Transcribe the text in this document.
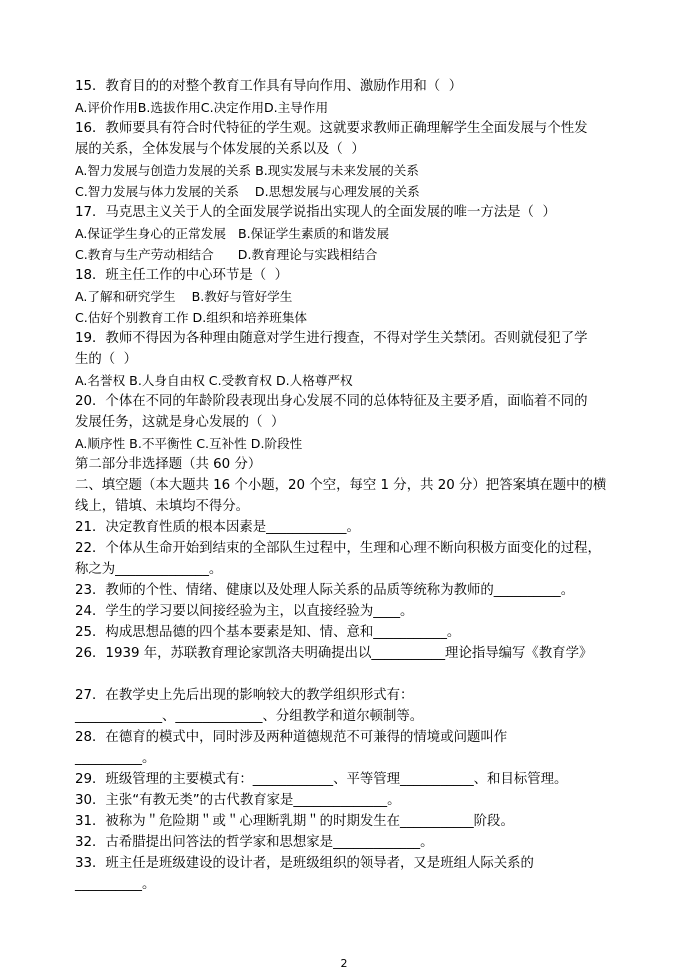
15．教育目的的对整个教育工作具有导向作用、激励作用和（  ）
A.评价作用B.选拔作用C.决定作用D.主导作用
16．教师要具有符合时代特征的学生观。这就要求教师正确理解学生全面发展与个性发
展的关系，全体发展与个体发展的关系以及（  ）
A.智力发展与创造力发展的关系 B.现实发展与未来发展的关系
C.智力发展与体力发展的关系    D.思想发展与心理发展的关系
17．马克思主义关于人的全面发展学说指出实现人的全面发展的唯一方法是（  ）
A.保证学生身心的正常发展   B.保证学生素质的和谐发展
C.教育与生产劳动相结合      D.教育理论与实践相结合
18．班主任工作的中心环节是（  ）
A.了解和研究学生    B.教好与管好学生
C.估好个别教育工作 D.组织和培养班集体
19．教师不得因为各种理由随意对学生进行搜查，不得对学生关禁闭。否则就侵犯了学
生的（  ）
A.名誉权 B.人身自由权 C.受教育权 D.人格尊严权
20．个体在不同的年龄阶段表现出身心发展不同的总体特征及主要矛盾，面临着不同的
发展任务，这就是身心发展的（  ）
A.顺序性 B.不平衡性 C.互补性 D.阶段性
第二部分非选择题（共 60 分）
二、填空题（本大题共 16 个小题，20 个空，每空 1 分，共 20 分）把答案填在题中的横
线上，错填、未填均不得分。
21．决定教育性质的根本因素是____________。
22．个体从生命开始到结束的全部队生过程中，生理和心理不断向积极方面变化的过程，
称之为______________。
23．教师的个性、情绪、健康以及处理人际关系的品质等统称为教师的__________。
24．学生的学习要以间接经验为主，以直接经验为____。
25．构成思想品德的四个基本要素是知、情、意和___________。
26．1939 年，苏联教育理论家凯洛夫明确提出以___________理论指导编写《教育学》
27．在教学史上先后出现的影响较大的教学组织形式有：
_____________、_____________、分组教学和道尔顿制等。
28．在德育的模式中，同时涉及两种道德规范不可兼得的情境或问题叫作
__________。
29．班级管理的主要模式有：____________、平等管理___________、和目标管理。
30．主张“有教无类”的古代教育家是______________。
31．被称为＂危险期＂或＂心理断乳期＂的时期发生在___________阶段。
32．古希腊提出问答法的哲学家和思想家是_____________。
33．班主任是班级建设的设计者，是班级组织的领导者，又是班组人际关系的
__________。
2
